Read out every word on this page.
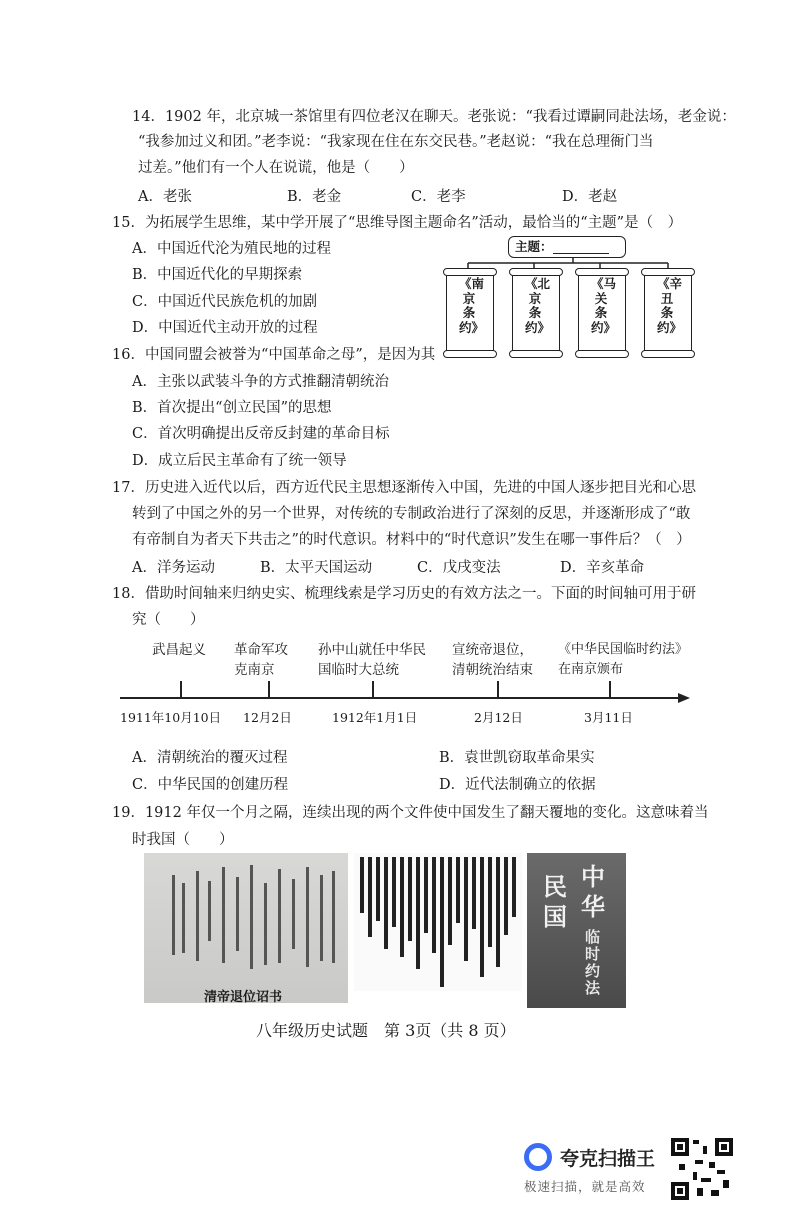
14．1902 年，北京城一茶馆里有四位老汉在聊天。老张说：“我看过谭嗣同赴法场，老金说：
“我参加过义和团。”老李说：“我家现在住在东交民巷。”老赵说：“我在总理衙门当
过差。”他们有一个人在说谎，他是（　　）
A．老张	B．老金	C．老李	D．老赵
15．为拓展学生思维，某中学开展了“思维导图主题命名”活动，最恰当的“主题”是（　）
A．中国近代沦为殖民地的过程
B．中国近代化的早期探索
C．中国近代民族危机的加剧
D．中国近代主动开放的过程
主题：
《南京条约》
《北京条约》
《马关条约》
《辛丑条约》
16．中国同盟会被誉为“中国革命之母”，是因为其
A．主张以武装斗争的方式推翻清朝统治
B．首次提出“创立民国”的思想
C．首次明确提出反帝反封建的革命目标
D．成立后民主革命有了统一领导
17．历史进入近代以后，西方近代民主思想逐渐传入中国，先进的中国人逐步把目光和心思
转到了中国之外的另一个世界，对传统的专制政治进行了深刻的反思，并逐渐形成了“敢
有帝制自为者天下共击之”的时代意识。材料中的“时代意识”发生在哪一事件后？（　）
A．洋务运动	B．太平天国运动	C．戊戌变法	D．辛亥革命
18．借助时间轴来归纳史实、梳理线索是学习历史的有效方法之一。下面的时间轴可用于研
究（　　）
武昌起义 革命军攻
克南京
孙中山就任中华民
国临时大总统
宣统帝退位，
清朝统治结束
《中华民国临时约法》
在南京颁布
1911年10月10日 12月2日	1912年1月1日	2月12日	3月11日
A．清朝统治的覆灭过程	B．袁世凯窃取革命果实
C．中华民国的创建历程	D．近代法制确立的依据
19．1912 年仅一个月之隔，连续出现的两个文件使中国发生了翻天覆地的变化。这意味着当
时我国（　　）
清帝退位诏书
中
华
民
国
临时约法
八年级历史试题　第 3页（共 8 页）
夸克扫描王
极速扫描，就是高效
